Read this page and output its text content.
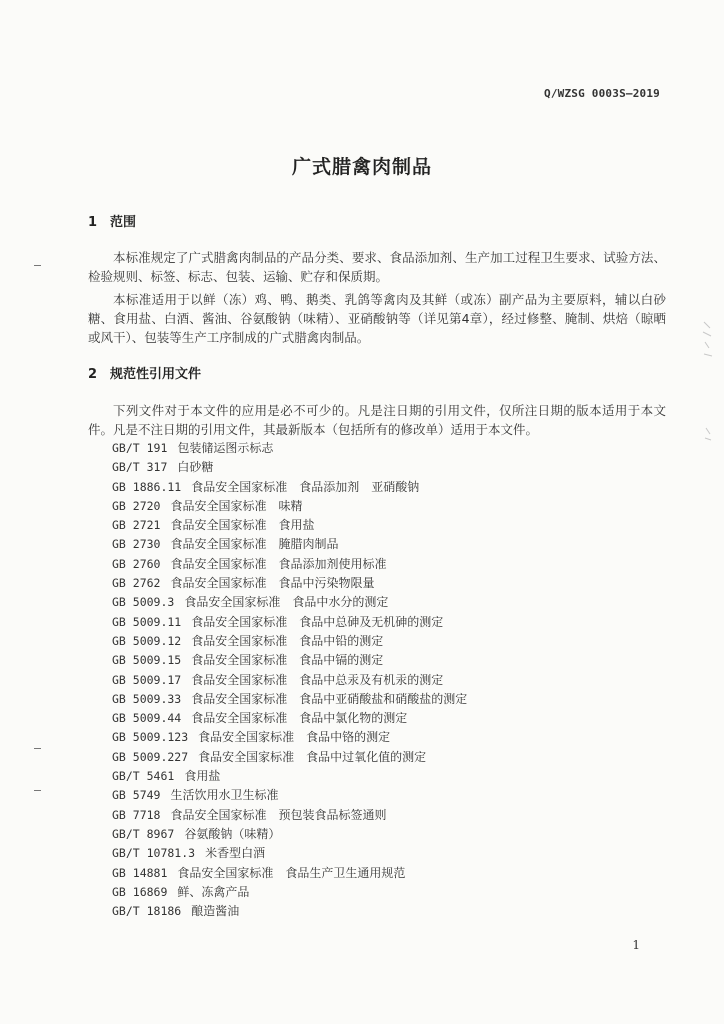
Q/WZSG 0003S—2019
广式腊禽肉制品
1 范围
本标准规定了广式腊禽肉制品的产品分类、要求、食品添加剂、生产加工过程卫生要求、试验方法、检验规则、标签、标志、包装、运输、贮存和保质期。
本标准适用于以鲜（冻）鸡、鸭、鹅类、乳鸽等禽肉及其鲜（或冻）副产品为主要原料，辅以白砂糖、食用盐、白酒、酱油、谷氨酸钠（味精）、亚硝酸钠等（详见第4章），经过修整、腌制、烘焙（晾晒或风干）、包装等生产工序制成的广式腊禽肉制品。
2 规范性引用文件
下列文件对于本文件的应用是必不可少的。凡是注日期的引用文件，仅所注日期的版本适用于本文件。凡是不注日期的引用文件，其最新版本（包括所有的修改单）适用于本文件。
GB/T 191 包装储运图示标志
GB/T 317 白砂糖
GB 1886.11 食品安全国家标准　食品添加剂　亚硝酸钠
GB 2720 食品安全国家标准　味精
GB 2721 食品安全国家标准　食用盐
GB 2730 食品安全国家标准　腌腊肉制品
GB 2760 食品安全国家标准　食品添加剂使用标准
GB 2762 食品安全国家标准　食品中污染物限量
GB 5009.3 食品安全国家标准　食品中水分的测定
GB 5009.11 食品安全国家标准　食品中总砷及无机砷的测定
GB 5009.12 食品安全国家标准　食品中铅的测定
GB 5009.15 食品安全国家标准　食品中镉的测定
GB 5009.17 食品安全国家标准　食品中总汞及有机汞的测定
GB 5009.33 食品安全国家标准　食品中亚硝酸盐和硝酸盐的测定
GB 5009.44 食品安全国家标准　食品中氯化物的测定
GB 5009.123 食品安全国家标准　食品中铬的测定
GB 5009.227 食品安全国家标准　食品中过氧化值的测定
GB/T 5461 食用盐
GB 5749 生活饮用水卫生标准
GB 7718 食品安全国家标准　预包装食品标签通则
GB/T 8967 谷氨酸钠（味精）
GB/T 10781.3 米香型白酒
GB 14881 食品安全国家标准　食品生产卫生通用规范
GB 16869 鲜、冻禽产品
GB/T 18186 酿造酱油
1
